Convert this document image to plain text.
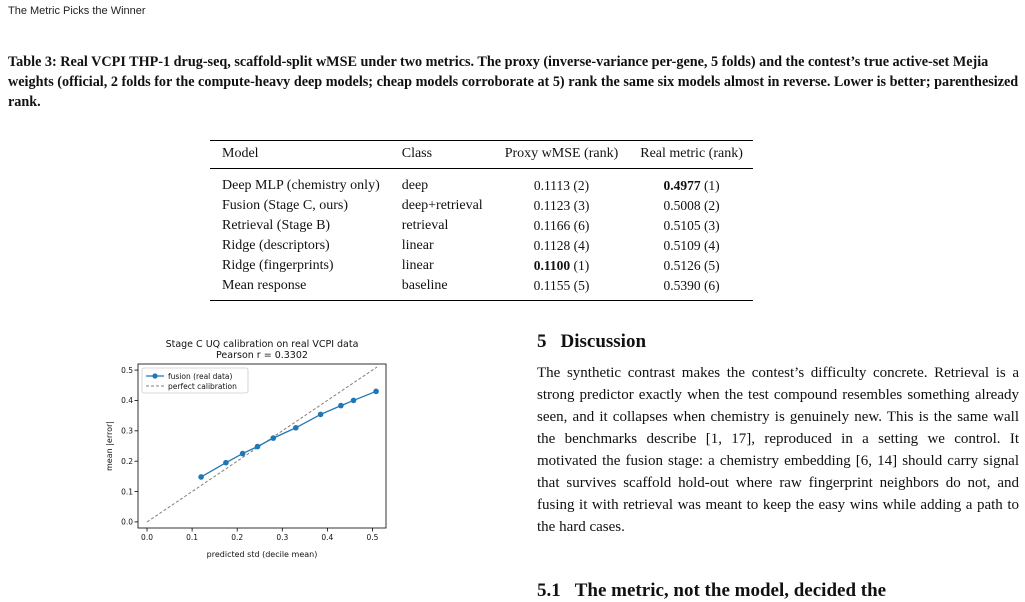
The Metric Picks the Winner
Table 3: Real VCPI THP-1 drug-seq, scaffold-split wMSE under two metrics. The proxy (inverse-variance per-gene, 5 folds) and the contest’s true active-set Mejia weights (official, 2 folds for the compute-heavy deep models; cheap models corroborate at 5) rank the same six models almost in reverse. Lower is better; parenthesized rank.
Model	Class	Proxy wMSE (rank)	Real metric (rank)
Deep MLP (chemistry only)	deep	0.1113 (2)	0.4977 (1)
Fusion (Stage C, ours)	deep+retrieval	0.1123 (3)	0.5008 (2)
Retrieval (Stage B)	retrieval	0.1166 (6)	0.5105 (3)
Ridge (descriptors)	linear	0.1128 (4)	0.5109 (4)
Ridge (fingerprints)	linear	0.1100 (1)	0.5126 (5)
Mean response	baseline	0.1155 (5)	0.5390 (6)
Stage C UQ calibration on real VCPI data
Pearson r = 0.3302
0.0	0.1	0.2	0.3	0.4	0.5
0.0
0.1
0.2
0.3
0.4
0.5
predicted std (decile mean)
mean |error|
fusion (real data)
perfect calibration
5 Discussion

The synthetic contrast makes the contest’s difficulty concrete. Retrieval is a strong predictor exactly when the test compound resembles something already seen, and it collapses when chemistry is genuinely new. This is the same wall the benchmarks describe [1, 17], reproduced in a setting we control. It motivated the fusion stage: a chemistry embedding [6, 14] should carry signal that survives scaffold hold-out where raw fingerprint neighbors do not, and fusing it with retrieval was meant to keep the easy wins while adding a path to the hard cases.

5.1 The metric, not the model, decided the
